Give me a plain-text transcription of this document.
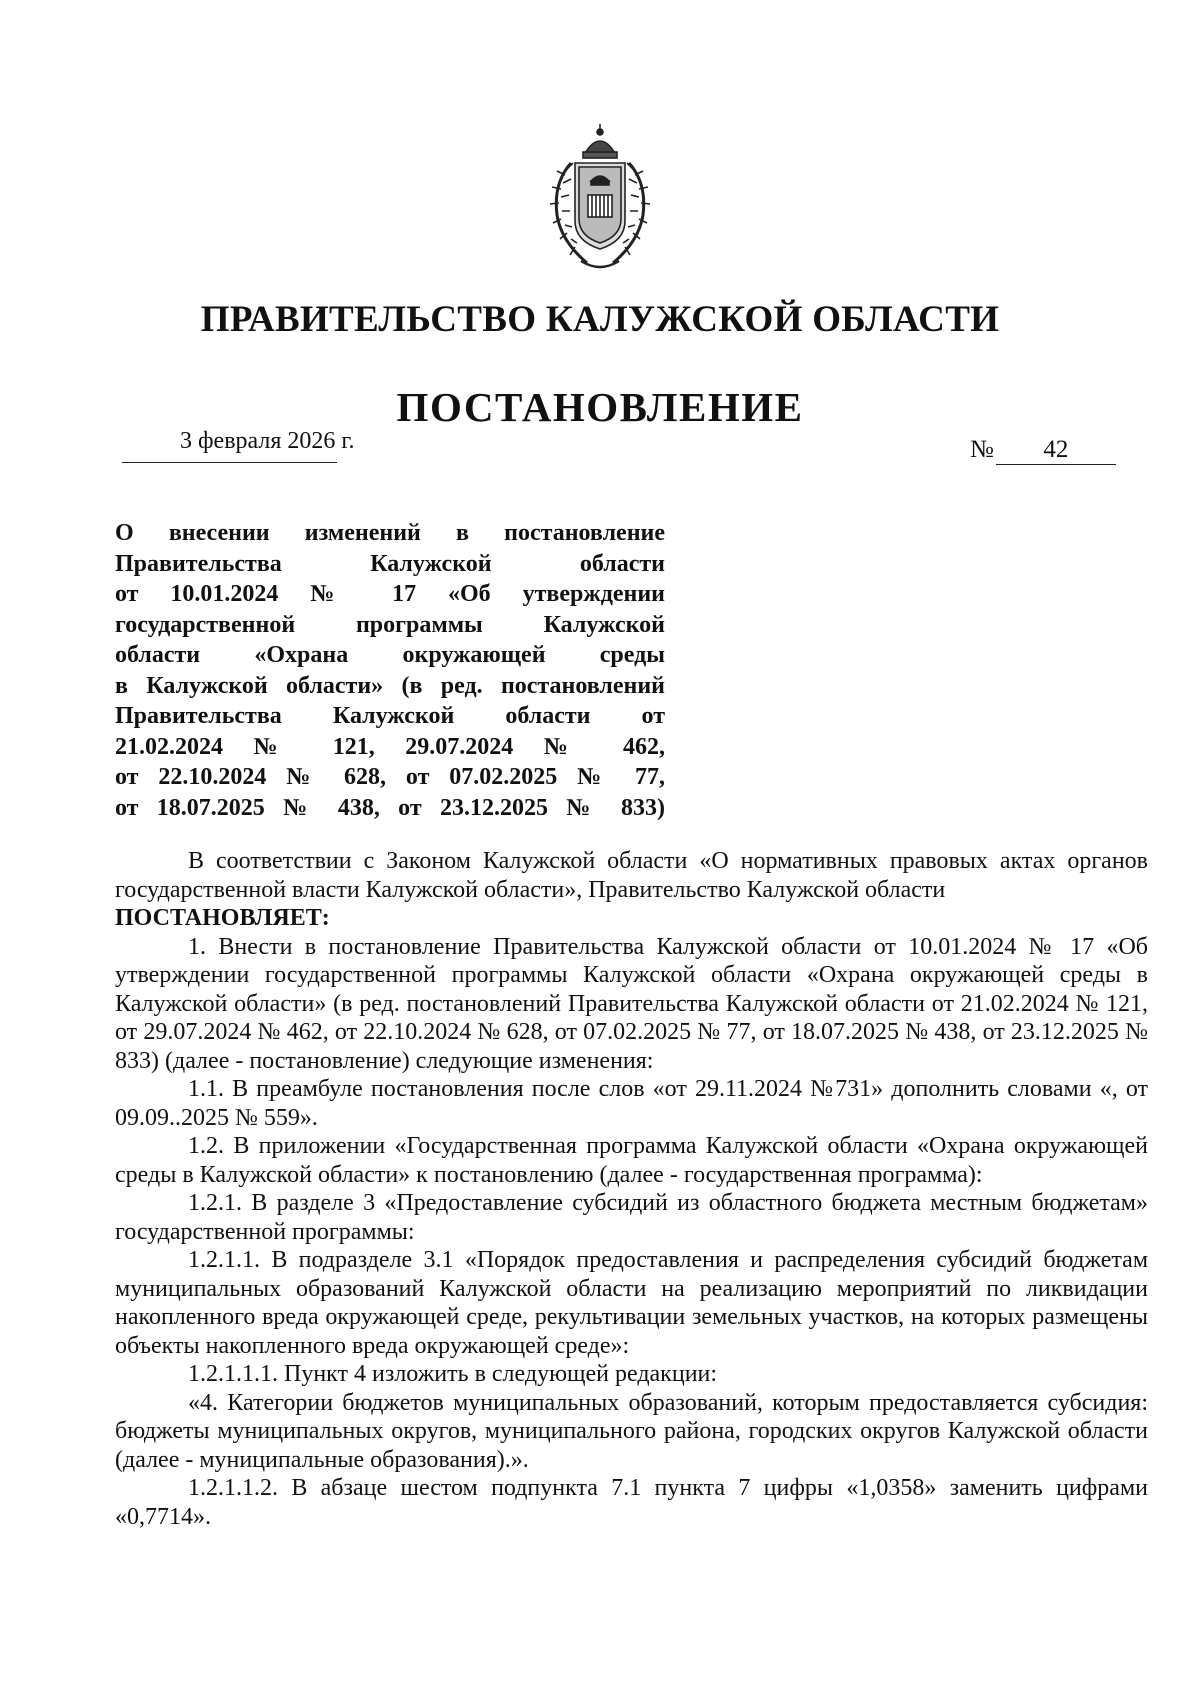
ПРАВИТЕЛЬСТВО КАЛУЖСКОЙ ОБЛАСТИ
ПОСТАНОВЛЕНИЕ
3 февраля 2026 г.	№ 42
О внесении изменений в постановление
Правительства Калужской области
от 10.01.2024 № 17 «Об утверждении
государственной программы Калужской
области «Охрана окружающей среды
в Калужской области» (в ред. постановлений
Правительства Калужской области от
21.02.2024 № 121, 29.07.2024 № 462,
от 22.10.2024 № 628, от 07.02.2025 № 77,
от 18.07.2025 № 438, от 23.12.2025 № 833)

В соответствии с Законом Калужской области «О нормативных правовых актах органов государственной власти Калужской области», Правительство Калужской области

ПОСТАНОВЛЯЕТ:

1. Внести в постановление Правительства Калужской области от 10.01.2024 № 17 «Об утверждении государственной программы Калужской области «Охрана окружающей среды в Калужской области» (в ред. постановлений Правительства Калужской области от 21.02.2024 № 121, от 29.07.2024 № 462, от 22.10.2024 № 628, от 07.02.2025 № 77, от 18.07.2025 № 438, от 23.12.2025 № 833) (далее - постановление) следующие изменения:

1.1. В преамбуле постановления после слов «от 29.11.2024 №731» дополнить словами «, от 09.09..2025 № 559».

1.2. В приложении «Государственная программа Калужской области «Охрана окружающей среды в Калужской области» к постановлению (далее - государственная программа):

1.2.1. В разделе 3 «Предоставление субсидий из областного бюджета местным бюджетам» государственной программы:

1.2.1.1. В подразделе 3.1 «Порядок предоставления и распределения субсидий бюджетам муниципальных образований Калужской области на реализацию мероприятий по ликвидации накопленного вреда окружающей среде, рекультивации земельных участков, на которых размещены объекты накопленного вреда окружающей среде»:

1.2.1.1.1. Пункт 4 изложить в следующей редакции:

«4. Категории бюджетов муниципальных образований, которым предоставляется субсидия: бюджеты муниципальных округов, муниципального района, городских округов Калужской области (далее - муниципальные образования).».

1.2.1.1.2. В абзаце шестом подпункта 7.1 пункта 7 цифры «1,0358» заменить цифрами «0,7714».
